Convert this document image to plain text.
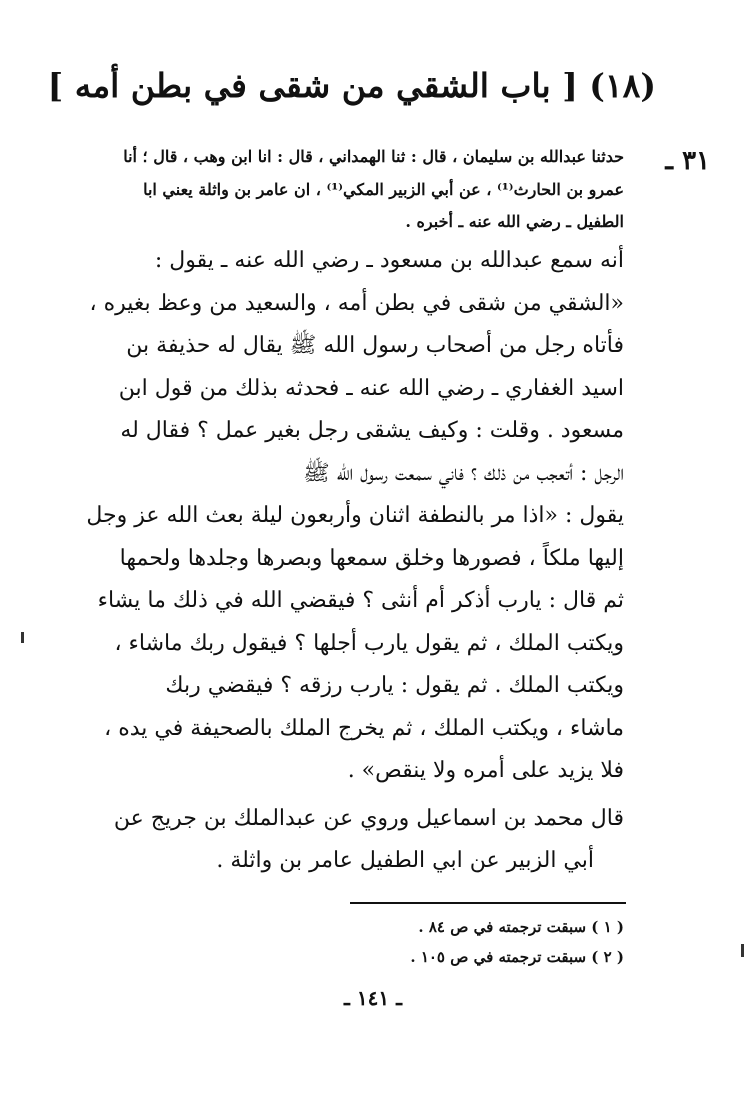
(١٨) [ باب الشقي من شقى في بطن أمه ]
٣١ ـ
حدثنا عبدالله بن سليمان ، قال : ثنا الهمداني ، قال : انا ابن وهب ، قال ؛ أنا
عمرو بن الحارث⁽¹⁾ ، عن أبي الزبير المكي⁽¹⁾ ، ان عامر بن واثلة يعني ابا
الطفيل ـ رضي الله عنه ـ أخبره .
أنه سمع عبدالله بن مسعود ـ رضي الله عنه ـ يقول :
«الشقي من شقى في بطن أمه ، والسعيد من وعظ بغيره ،
فأتاه رجل من أصحاب رسول الله ﷺ يقال له حذيفة بن
اسيد الغفاري ـ رضي الله عنه ـ فحدثه بذلك من قول ابن
مسعود . وقلت : وكيف يشقى رجل بغير عمل ؟ فقال له
الرجل : أتعجب من ذلك ؟ فاني سمعت رسول الله ﷺ
يقول : «اذا مر بالنطفة اثنان وأربعون ليلة بعث الله عز وجل
إليها ملكاً ، فصورها وخلق سمعها وبصرها وجلدها ولحمها
ثم قال : يارب أذكر أم أنثى ؟ فيقضي الله في ذلك ما يشاء
ويكتب الملك ، ثم يقول يارب أجلها ؟ فيقول ربك ماشاء ،
ويكتب الملك . ثم يقول : يارب رزقه ؟ فيقضي ربك
ماشاء ، ويكتب الملك ، ثم يخرج الملك بالصحيفة في يده ،
فلا يزيد على أمره ولا ينقص» .
قال محمد بن اسماعيل وروي عن عبدالملك بن جريج عن
أبي الزبير عن ابي الطفيل عامر بن واثلة .
( ١ ) سبقت ترجمته في ص ٨٤ .
( ٢ ) سبقت ترجمته في ص ١٠٥ .
ـ ١٤١ ـ
